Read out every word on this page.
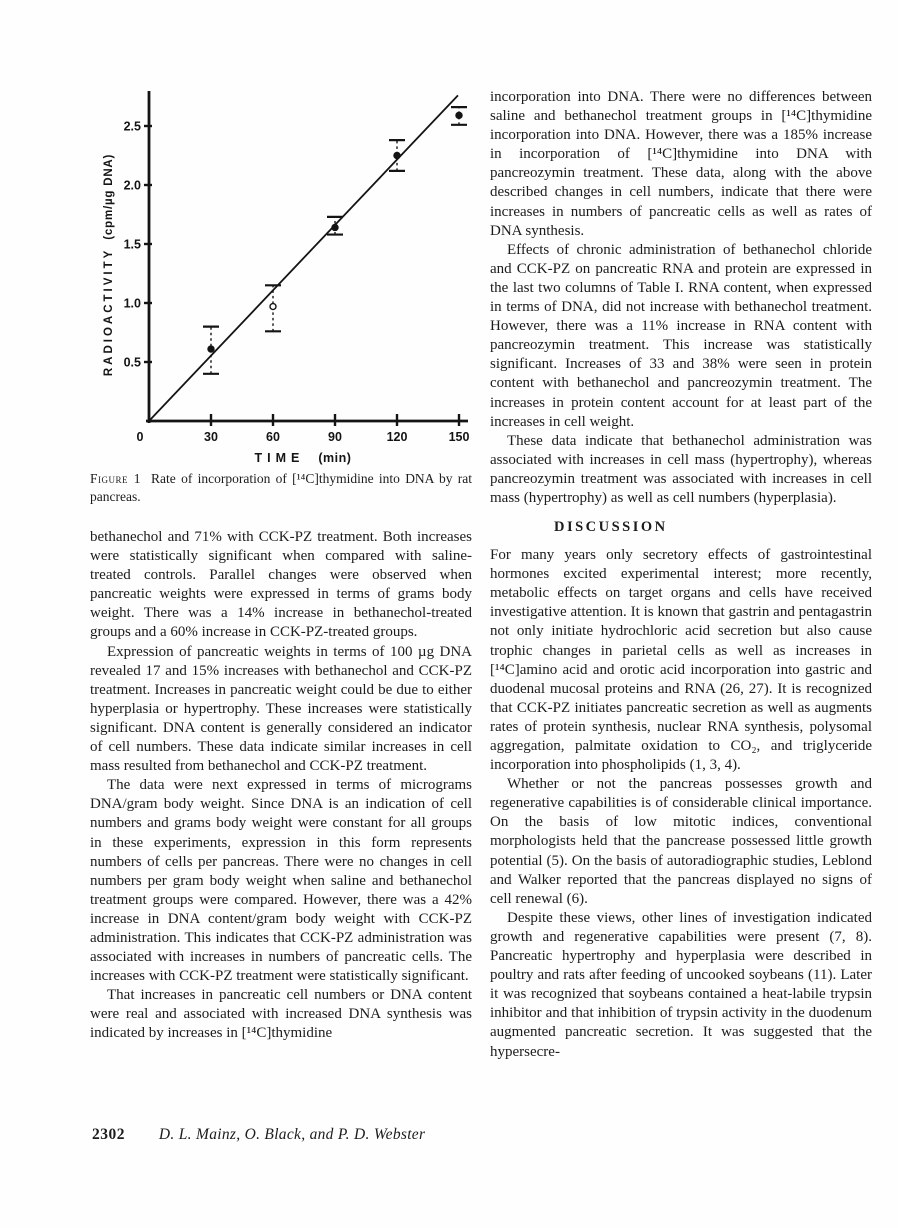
0.5
1.0
1.5
2.0
2.5
0	30	60	90	120	150
TIME (min)
RADIOACTIVITY(cpm/µg DNA)
Figure 1 Rate of incorporation of [¹⁴C]thymidine into DNA by rat pancreas.

bethanechol and 71% with CCK-PZ treatment. Both increases were statistically significant when compared with saline-treated controls. Parallel changes were observed when pancreatic weights were expressed in terms of grams body weight. There was a 14% increase in bethanechol-treated groups and a 60% increase in CCK-PZ-treated groups.

Expression of pancreatic weights in terms of 100 µg DNA revealed 17 and 15% increases with bethanechol and CCK-PZ treatment. Increases in pancreatic weight could be due to either hyperplasia or hypertrophy. These increases were statistically significant. DNA content is generally considered an indicator of cell numbers. These data indicate similar increases in cell mass resulted from bethanechol and CCK-PZ treatment.

The data were next expressed in terms of micrograms DNA/gram body weight. Since DNA is an indication of cell numbers and grams body weight were constant for all groups in these experiments, expression in this form represents numbers of cells per pancreas. There were no changes in cell numbers per gram body weight when saline and bethanechol treatment groups were compared. However, there was a 42% increase in DNA content/gram body weight with CCK-PZ administration. This indicates that CCK-PZ administration was associated with increases in numbers of pancreatic cells. The increases with CCK-PZ treatment were statistically significant.

That increases in pancreatic cell numbers or DNA content were real and associated with increased DNA synthesis was indicated by increases in [¹⁴C]thymidine

incorporation into DNA. There were no differences between saline and bethanechol treatment groups in [¹⁴C]thymidine incorporation into DNA. However, there was a 185% increase in incorporation of [¹⁴C]thymidine into DNA with pancreozymin treatment. These data, along with the above described changes in cell numbers, indicate that there were increases in numbers of pancreatic cells as well as rates of DNA synthesis.

Effects of chronic administration of bethanechol chloride and CCK-PZ on pancreatic RNA and protein are expressed in the last two columns of Table I. RNA content, when expressed in terms of DNA, did not increase with bethanechol treatment. However, there was a 11% increase in RNA content with pancreozymin treatment. This increase was statistically significant. Increases of 33 and 38% were seen in protein content with bethanechol and pancreozymin treatment. The increases in protein content account for at least part of the increases in cell weight.

These data indicate that bethanechol administration was associated with increases in cell mass (hypertrophy), whereas pancreozymin treatment was associated with increases in cell mass (hypertrophy) as well as cell numbers (hyperplasia).

DISCUSSION

For many years only secretory effects of gastrointestinal hormones excited experimental interest; more recently, metabolic effects on target organs and cells have received investigative attention. It is known that gastrin and pentagastrin not only initiate hydrochloric acid secretion but also cause trophic changes in parietal cells as well as increases in [¹⁴C]amino acid and orotic acid incorporation into gastric and duodenal mucosal proteins and RNA (26, 27). It is recognized that CCK-PZ initiates pancreatic secretion as well as augments rates of protein synthesis, nuclear RNA synthesis, polysomal aggregation, palmitate oxidation to CO₂, and triglyceride incorporation into phospholipids (1, 3, 4).

Whether or not the pancreas possesses growth and regenerative capabilities is of considerable clinical importance. On the basis of low mitotic indices, conventional morphologists held that the pancrease possessed little growth potential (5). On the basis of autoradiographic studies, Leblond and Walker reported that the pancreas displayed no signs of cell renewal (6).

Despite these views, other lines of investigation indicated growth and regenerative capabilities were present (7, 8). Pancreatic hypertrophy and hyperplasia were described in poultry and rats after feeding of uncooked soybeans (11). Later it was recognized that soybeans contained a heat-labile trypsin inhibitor and that inhibition of trypsin activity in the duodenum augmented pancreatic secretion. It was suggested that the hypersecre-

2302 D. L. Mainz, O. Black, and P. D. Webster
